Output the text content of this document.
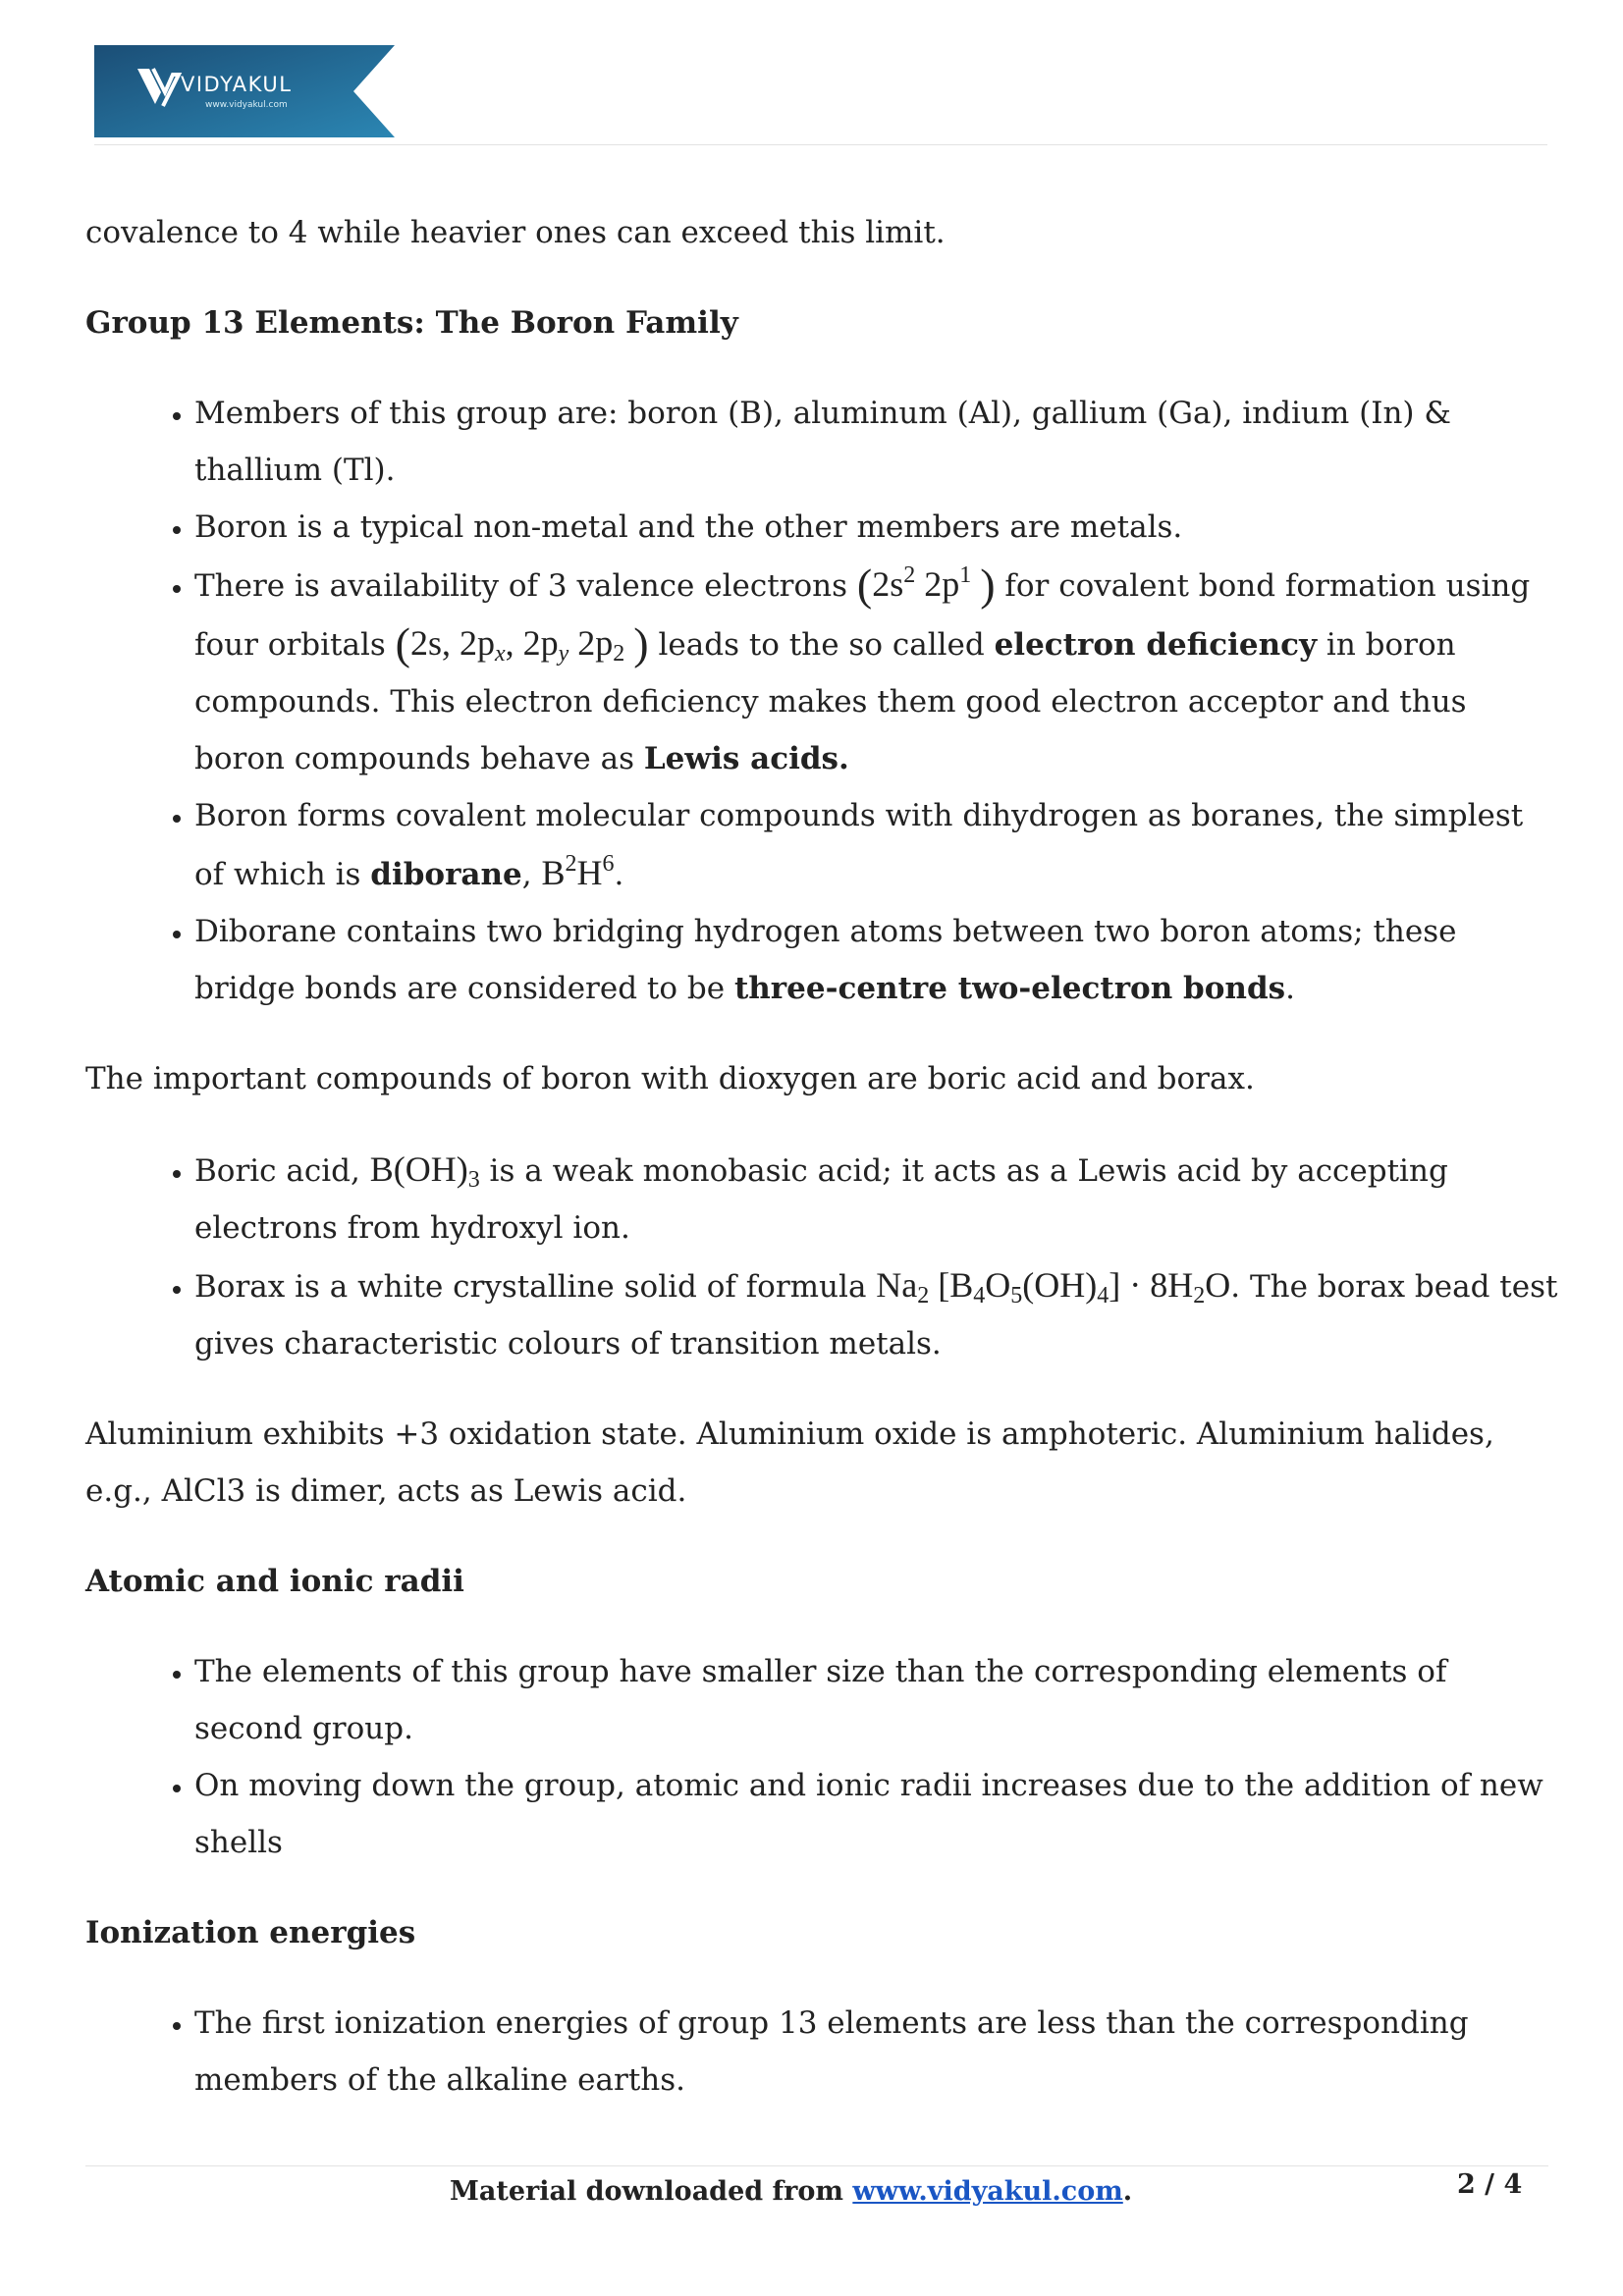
VIDYAKUL
www.vidyakul.com

covalence to 4 while heavier ones can exceed this limit.

Group 13 Elements: The Boron Family
• Members of this group are: boron (B), aluminum (Al), gallium (Ga), indium (In) & thallium (Tl).
• Boron is a typical non-metal and the other members are metals.
• There is availability of 3 valence electrons ($2s^2$ $2p^1$ ) for covalent bond formation using four orbitals (2s, $2p_x$, $2p_y$ $2p_2$ ) leads to the so called electron deficiency in boron compounds. This electron deficiency makes them good electron acceptor and thus boron compounds behave as Lewis acids.
• Boron forms covalent molecular compounds with dihydrogen as boranes, the simplest of which is diborane, $B^2H^6$.
• Diborane contains two bridging hydrogen atoms between two boron atoms; these bridge bonds are considered to be three-centre two-electron bonds.

The important compounds of boron with dioxygen are boric acid and borax.

• Boric acid, $B(OH)_3$ is a weak monobasic acid; it acts as a Lewis acid by accepting electrons from hydroxyl ion.
• Borax is a white crystalline solid of formula $Na_2$ $[B_4O_5(OH)_4] \cdot 8H_2O$. The borax bead test gives characteristic colours of transition metals.

Aluminium exhibits +3 oxidation state. Aluminium oxide is amphoteric. Aluminium halides, e.g., AlCl3 is dimer, acts as Lewis acid.

Atomic and ionic radii
• The elements of this group have smaller size than the corresponding elements of second group.
• On moving down the group, atomic and ionic radii increases due to the addition of new shells
Ionization energies
• The first ionization energies of group 13 elements are less than the corresponding members of the alkaline earths.
Material downloaded from www.vidyakul.com.	2 / 4
